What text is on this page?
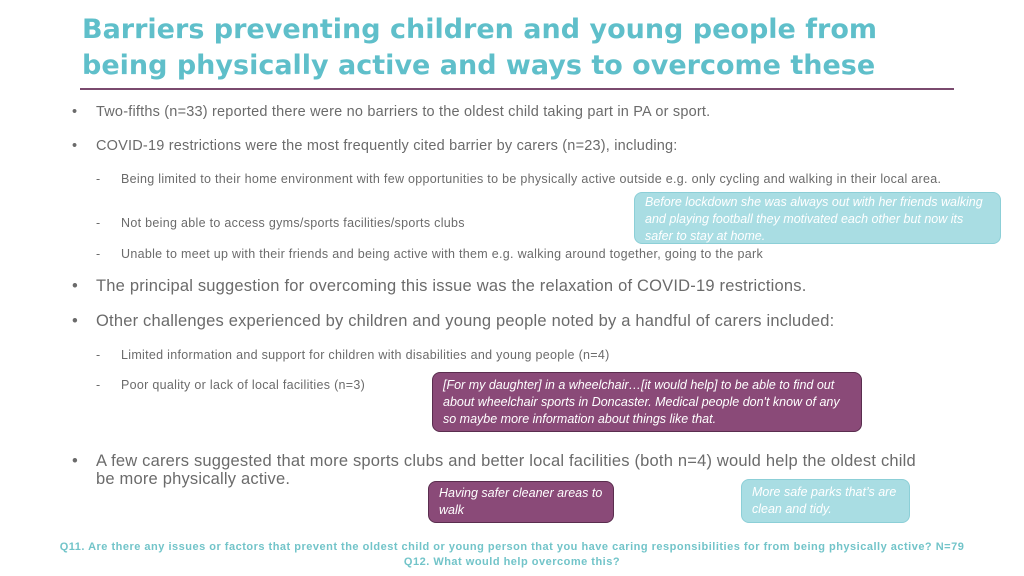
Barriers preventing children and young people from being physically active and ways to overcome these
• Two-fifths (n=33) reported there were no barriers to the oldest child taking part in PA or sport.
• COVID-19 restrictions were the most frequently cited barrier by carers (n=23), including:
- Being limited to their home environment with few opportunities to be physically active outside e.g. only cycling and walking in their local area.
- Not being able to access gyms/sports facilities/sports clubs
- Unable to meet up with their friends and being active with them e.g. walking around together, going to the park
• The principal suggestion for overcoming this issue was the relaxation of COVID-19 restrictions.
• Other challenges experienced by children and young people noted by a handful of carers included:
- Limited information and support for children with disabilities and young people (n=4)
- Poor quality or lack of local facilities (n=3)
• A few carers suggested that more sports clubs and better local facilities (both n=4) would help the oldest child be more physically active.
Before lockdown she was always out with her friends walking and playing football they motivated each other but now its safer to stay at home.
[For my daughter] in a wheelchair…[it would help] to be able to find out about wheelchair sports in Doncaster. Medical people don't know of any so maybe more information about things like that.
Having safer cleaner areas to walk
More safe parks that’s are clean and tidy.
Q11. Are there any issues or factors that prevent the oldest child or young person that you have caring responsibilities for from being physically active? N=79
Q12. What would help overcome this?
